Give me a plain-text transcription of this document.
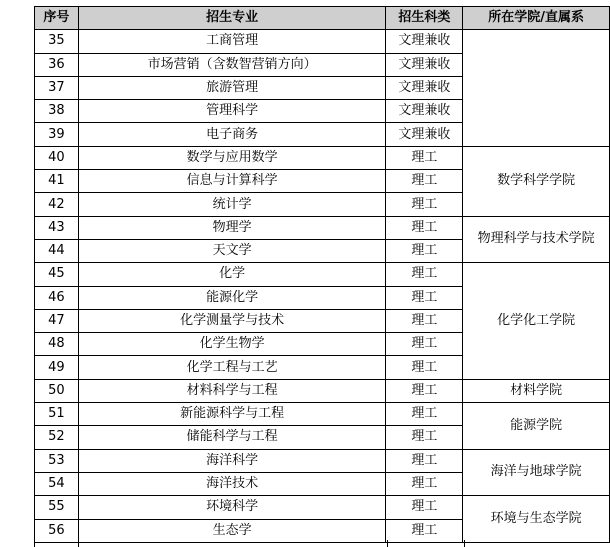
序号	招生专业	招生科类	所在学院/直属系
35	工商管理	文理兼收	
36	市场营销（含数智营销方向）	文理兼收	
37	旅游管理	文理兼收	
38	管理科学	文理兼收	
39	电子商务	文理兼收	
40	数学与应用数学	理工	数学科学学院
41	信息与计算科学	理工	
42	统计学	理工	
43	物理学	理工	物理科学与技术学院
44	天文学	理工	
45	化学	理工	化学化工学院
46	能源化学	理工	
47	化学测量学与技术	理工	
48	化学生物学	理工	
49	化学工程与工艺	理工	
50	材料科学与工程	理工	材料学院
51	新能源科学与工程	理工	能源学院
52	储能科学与工程	理工	
53	海洋科学	理工	海洋与地球学院
54	海洋技术	理工	
55	环境科学	理工	环境与生态学院
56	生态学	理工	
